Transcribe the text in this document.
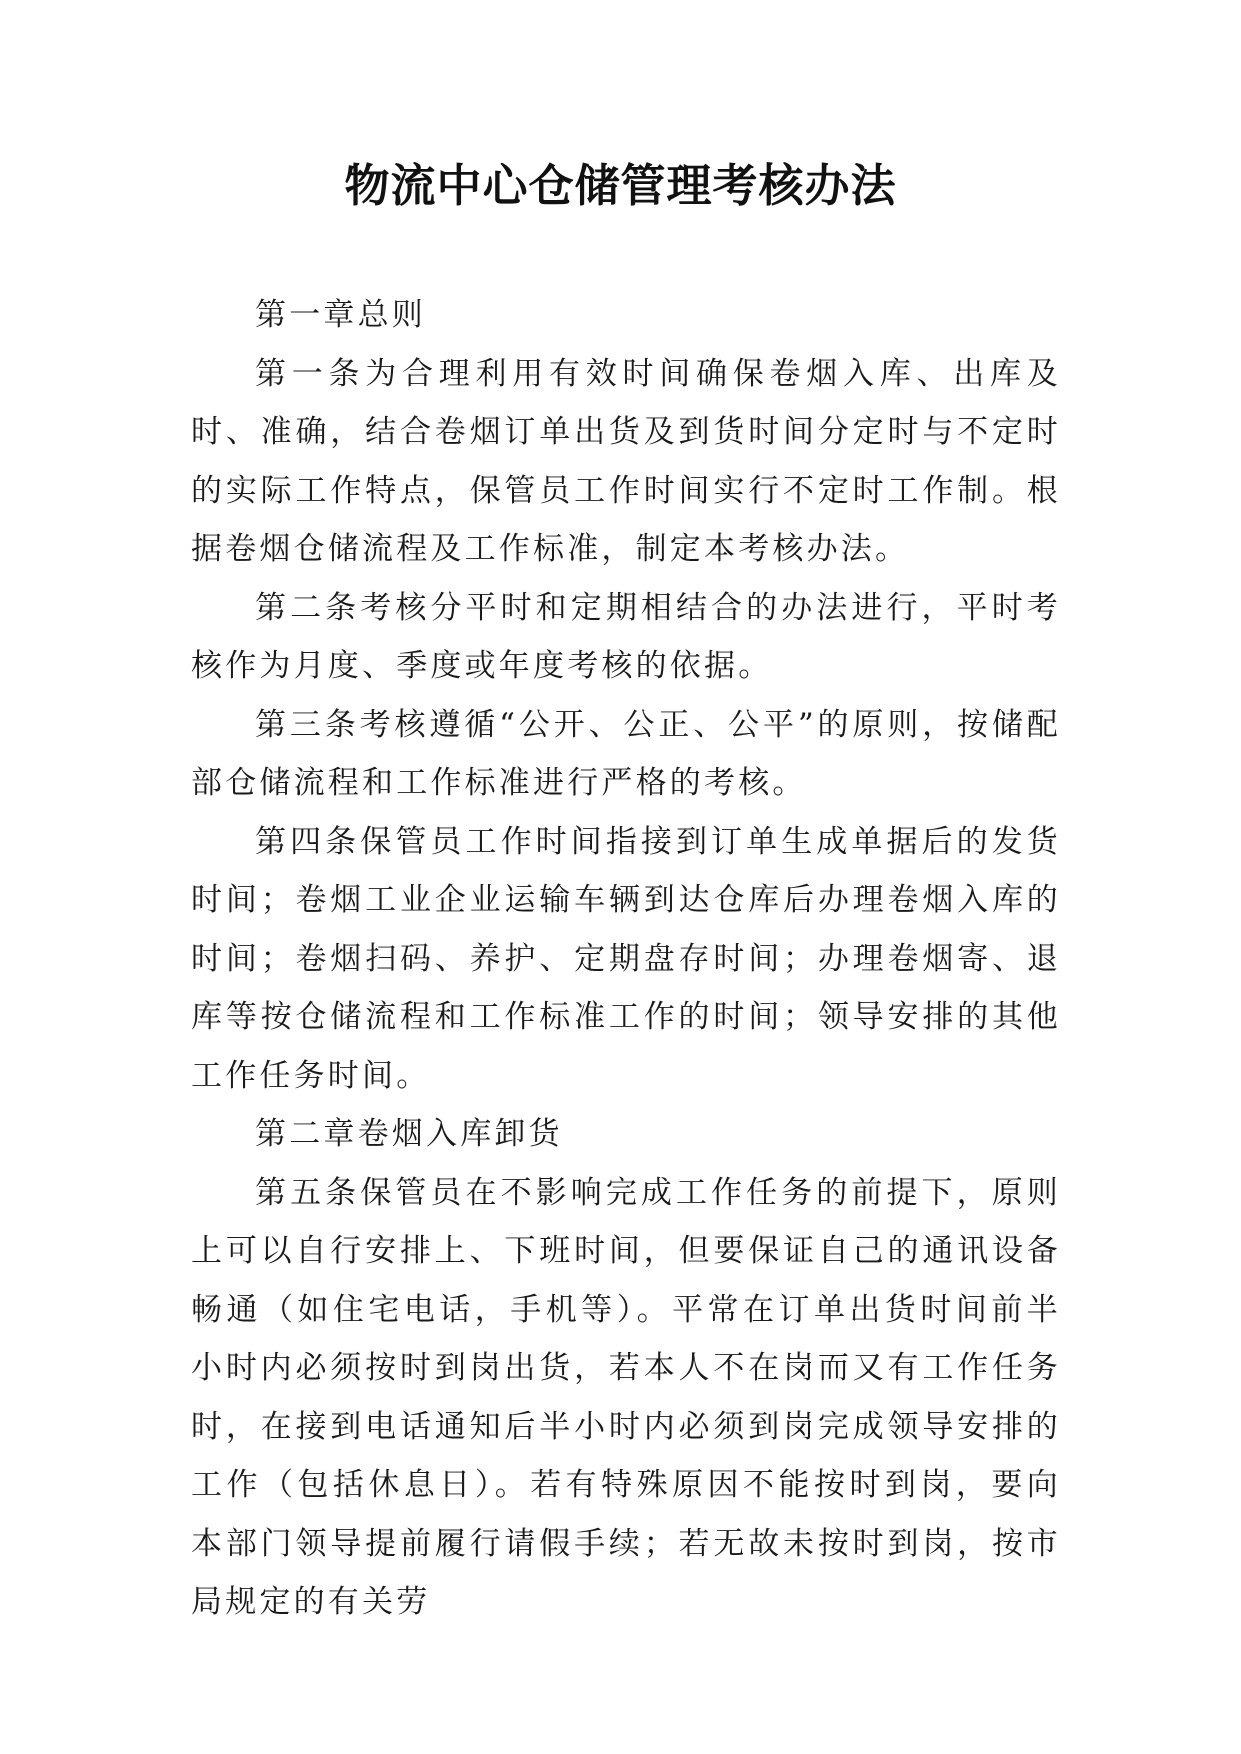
物流中心仓储管理考核办法

第一章总则

第一条为合理利用有效时间确保卷烟入库、出库及时、准确，结合卷烟订单出货及到货时间分定时与不定时的实际工作特点，保管员工作时间实行不定时工作制。根据卷烟仓储流程及工作标准，制定本考核办法。

第二条考核分平时和定期相结合的办法进行，平时考核作为月度、季度或年度考核的依据。

第三条考核遵循“公开、公正、公平”的原则，按储配部仓储流程和工作标准进行严格的考核。

第四条保管员工作时间指接到订单生成单据后的发货时间；卷烟工业企业运输车辆到达仓库后办理卷烟入库的时间；卷烟扫码、养护、定期盘存时间；办理卷烟寄、退库等按仓储流程和工作标准工作的时间；领导安排的其他工作任务时间。

第二章卷烟入库卸货

第五条保管员在不影响完成工作任务的前提下，原则上可以自行安排上、下班时间，但要保证自己的通讯设备畅通（如住宅电话，手机等）。平常在订单出货时间前半小时内必须按时到岗出货，若本人不在岗而又有工作任务时，在接到电话通知后半小时内必须到岗完成领导安排的工作（包括休息日）。若有特殊原因不能按时到岗，要向本部门领导提前履行请假手续；若无故未按时到岗，按市局规定的有关劳
